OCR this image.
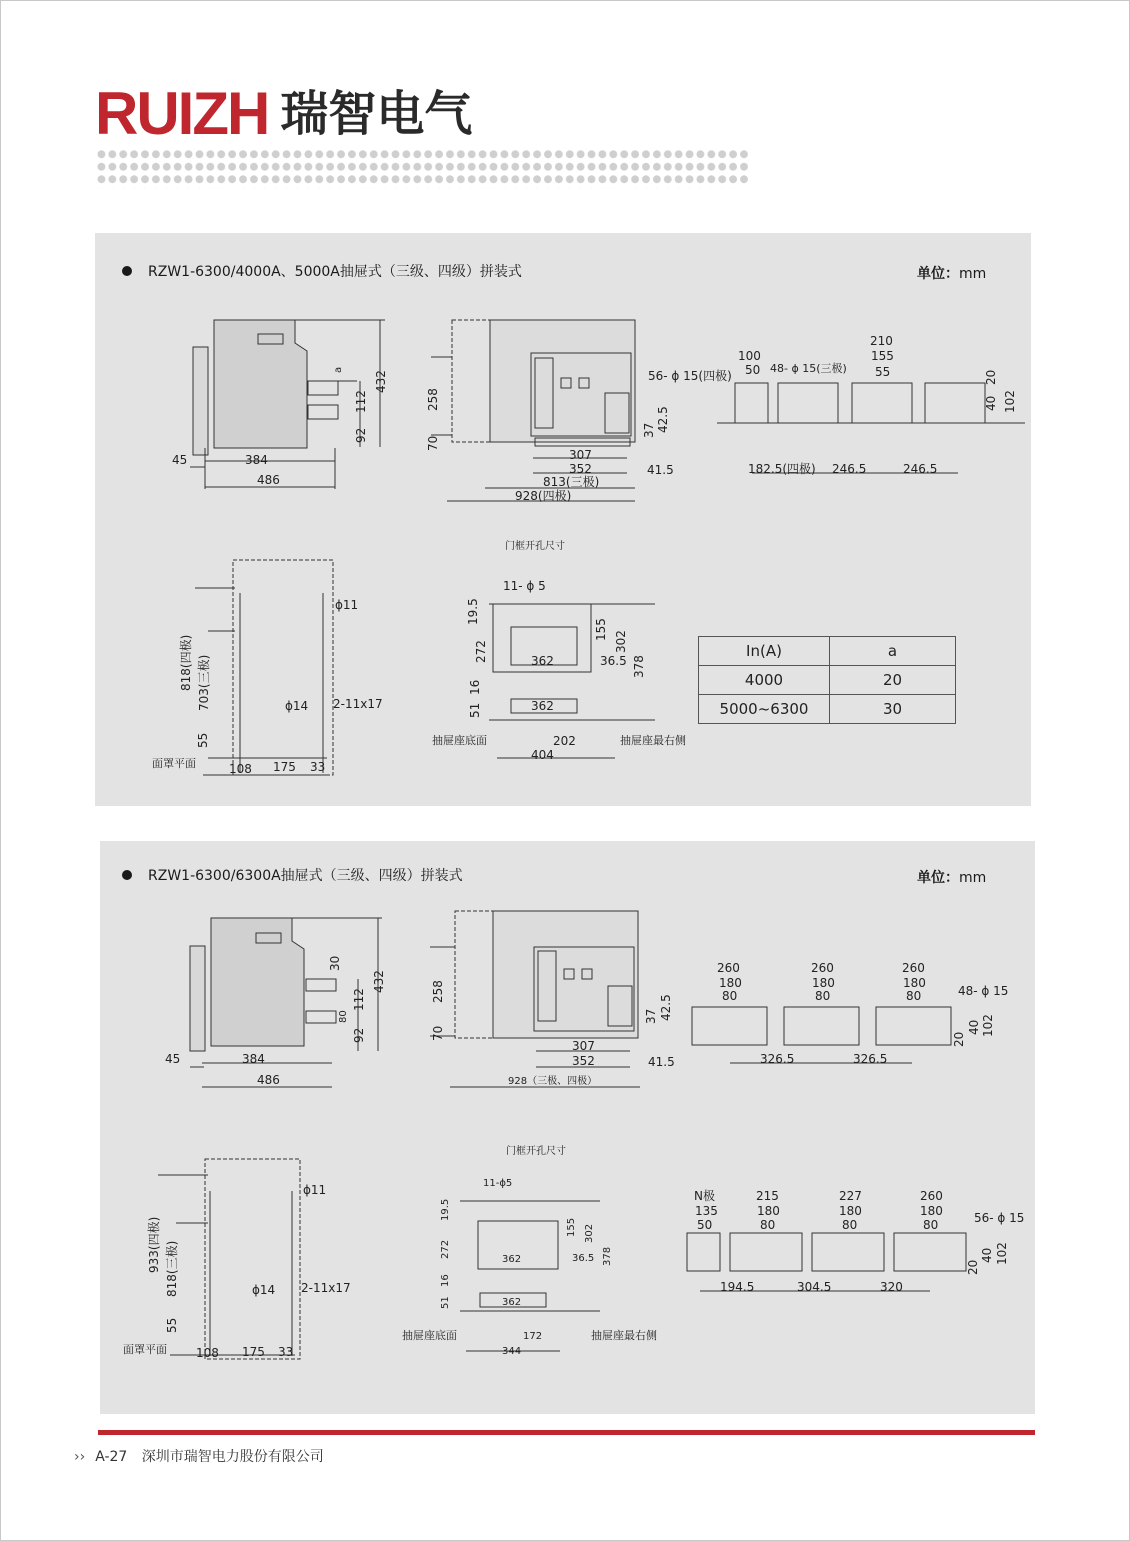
RUIZH 瑞智电气
RZW1-6300/4000A、5000A抽屉式（三级、四级）拼装式	单位：mm
45	384
486
432
112
92
a
258
70
37 42.5
307
352	41.5
813(三极)
928(四极)
56- ϕ 15(四极)
100
50 48- ϕ 15(三极)
210
155
55	20
40 102
182.5(四极) 246.5	246.5
门框开孔尺寸
818(四极) 703(三极)
55
ϕ11
ϕ14 2-11x17
108 175 33
面罩平面
11- ϕ 5
19.5
272
16
51
362
362
155
302
36.5 378
202
404
抽屉座底面	抽屉座最右侧
In(A)	a
4000	20
5000~6300	30
RZW1-6300/6300A抽屉式（三级、四级）拼装式	单位：mm
45	384
486
432
30
112
80
92
258
70
37 42.5
307
352	41.5
928（三极、四极）
260
180
80
260
180
80
260
180
80	48- ϕ 15
40 102
20
326.5	326.5
门框开孔尺寸
933(四极) 818(三极)
55
ϕ11
ϕ14 2-11x17
108 175 33
面罩平面
11-ϕ5
19.5
272
16
51
362
362
155 302
36.5 378
172
344
抽屉座底面	抽屉座最右侧
N极
135
50
215
180
80
227
180
80
260
180
80	56- ϕ 15
40 102
20
194.5	304.5	320
›› A-27 深圳市瑞智电力股份有限公司
